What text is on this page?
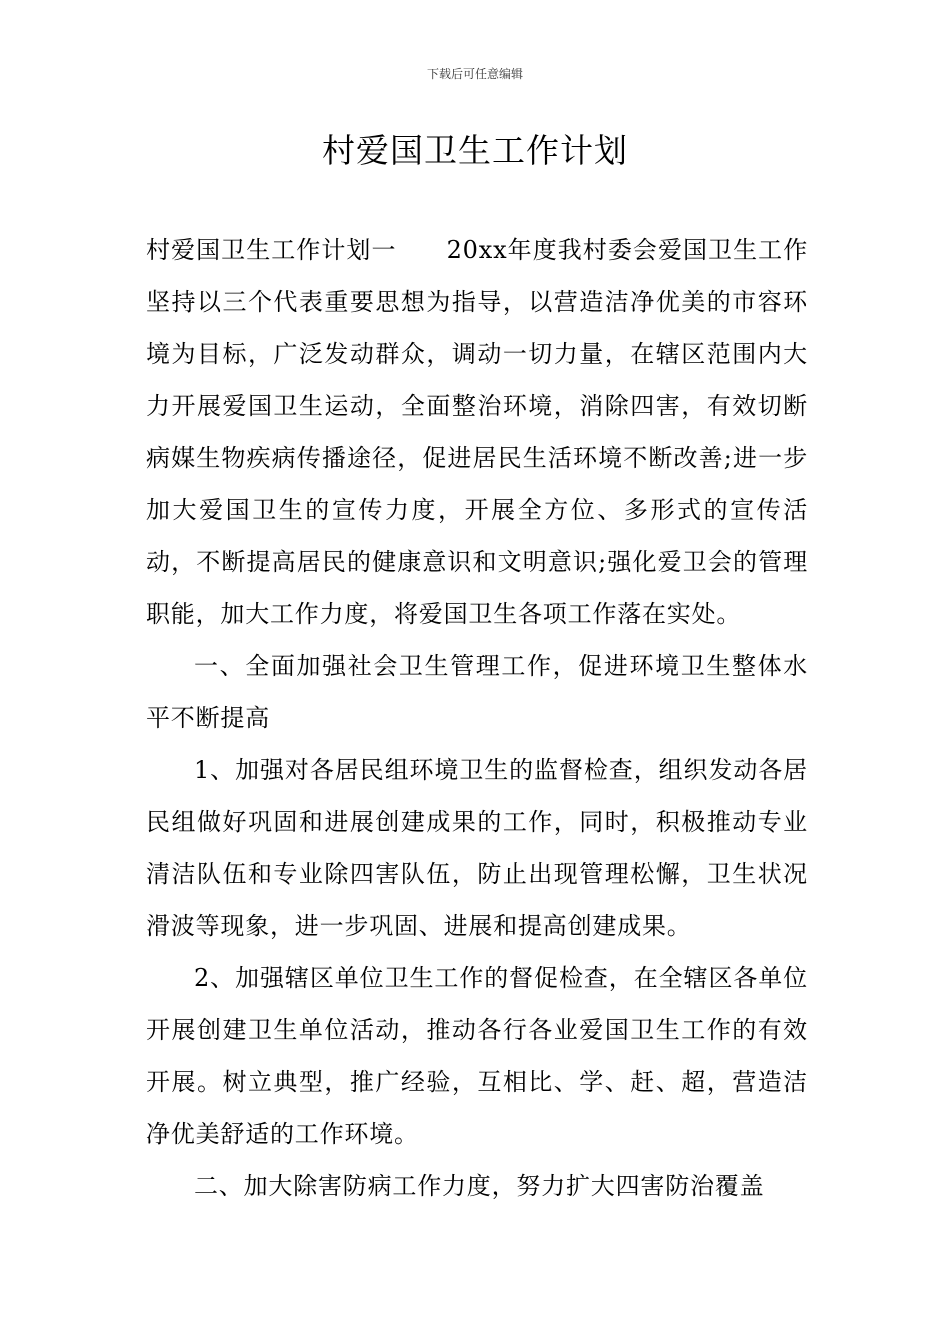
下载后可任意编辑
村爱国卫生工作计划

村爱国卫生工作计划一　　20xx年度我村委会爱国卫生工作坚持以三个代表重要思想为指导，以营造洁净优美的市容环境为目标，广泛发动群众，调动一切力量，在辖区范围内大力开展爱国卫生运动，全面整治环境，消除四害，有效切断病媒生物疾病传播途径，促进居民生活环境不断改善;进一步加大爱国卫生的宣传力度，开展全方位、多形式的宣传活动，不断提高居民的健康意识和文明意识;强化爱卫会的管理职能，加大工作力度，将爱国卫生各项工作落在实处。

一、全面加强社会卫生管理工作，促进环境卫生整体水平不断提高

1、加强对各居民组环境卫生的监督检查，组织发动各居民组做好巩固和进展创建成果的工作，同时，积极推动专业清洁队伍和专业除四害队伍，防止出现管理松懈，卫生状况滑波等现象，进一步巩固、进展和提高创建成果。

2、加强辖区单位卫生工作的督促检查，在全辖区各单位开展创建卫生单位活动，推动各行各业爱国卫生工作的有效开展。树立典型，推广经验，互相比、学、赶、超，营造洁净优美舒适的工作环境。

二、加大除害防病工作力度，努力扩大四害防治覆盖
